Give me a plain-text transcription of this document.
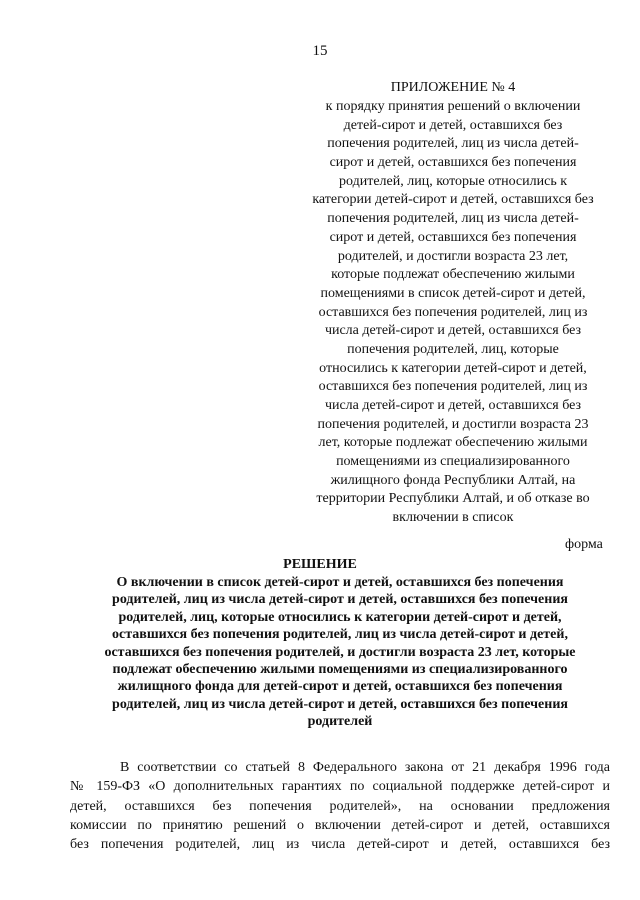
15
ПРИЛОЖЕНИЕ № 4
к порядку принятия решений о включении
детей-сирот и детей, оставшихся без
попечения родителей, лиц из числа детей-
сирот и детей, оставшихся без попечения
родителей, лиц, которые относились к
категории детей-сирот и детей, оставшихся без
попечения родителей, лиц из числа детей-
сирот и детей, оставшихся без попечения
родителей, и достигли возраста 23 лет,
которые подлежат обеспечению жилыми
помещениями в список детей-сирот и детей,
оставшихся без попечения родителей, лиц из
числа детей-сирот и детей, оставшихся без
попечения родителей, лиц, которые
относились к категории детей-сирот и детей,
оставшихся без попечения родителей, лиц из
числа детей-сирот и детей, оставшихся без
попечения родителей, и достигли возраста 23
лет, которые подлежат обеспечению жилыми
помещениями из специализированного
жилищного фонда Республики Алтай, на
территории Республики Алтай, и об отказе во
включении в список
форма
РЕШЕНИЕ
О включении в список детей-сирот и детей, оставшихся без попечения
родителей, лиц из числа детей-сирот и детей, оставшихся без попечения
родителей, лиц, которые относились к категории детей-сирот и детей,
оставшихся без попечения родителей, лиц из числа детей-сирот и детей,
оставшихся без попечения родителей, и достигли возраста 23 лет, которые
подлежат обеспечению жилыми помещениями из специализированного
жилищного фонда для детей-сирот и детей, оставшихся без попечения
родителей, лиц из числа детей-сирот и детей, оставшихся без попечения
родителей
В соответствии со статьей 8 Федерального закона от 21 декабря 1996 года
№ 159-ФЗ «О дополнительных гарантиях по социальной поддержке детей-сирот и
детей, оставшихся без попечения родителей», на основании предложения
комиссии по принятию решений о включении детей-сирот и детей, оставшихся
без попечения родителей, лиц из числа детей-сирот и детей, оставшихся без
